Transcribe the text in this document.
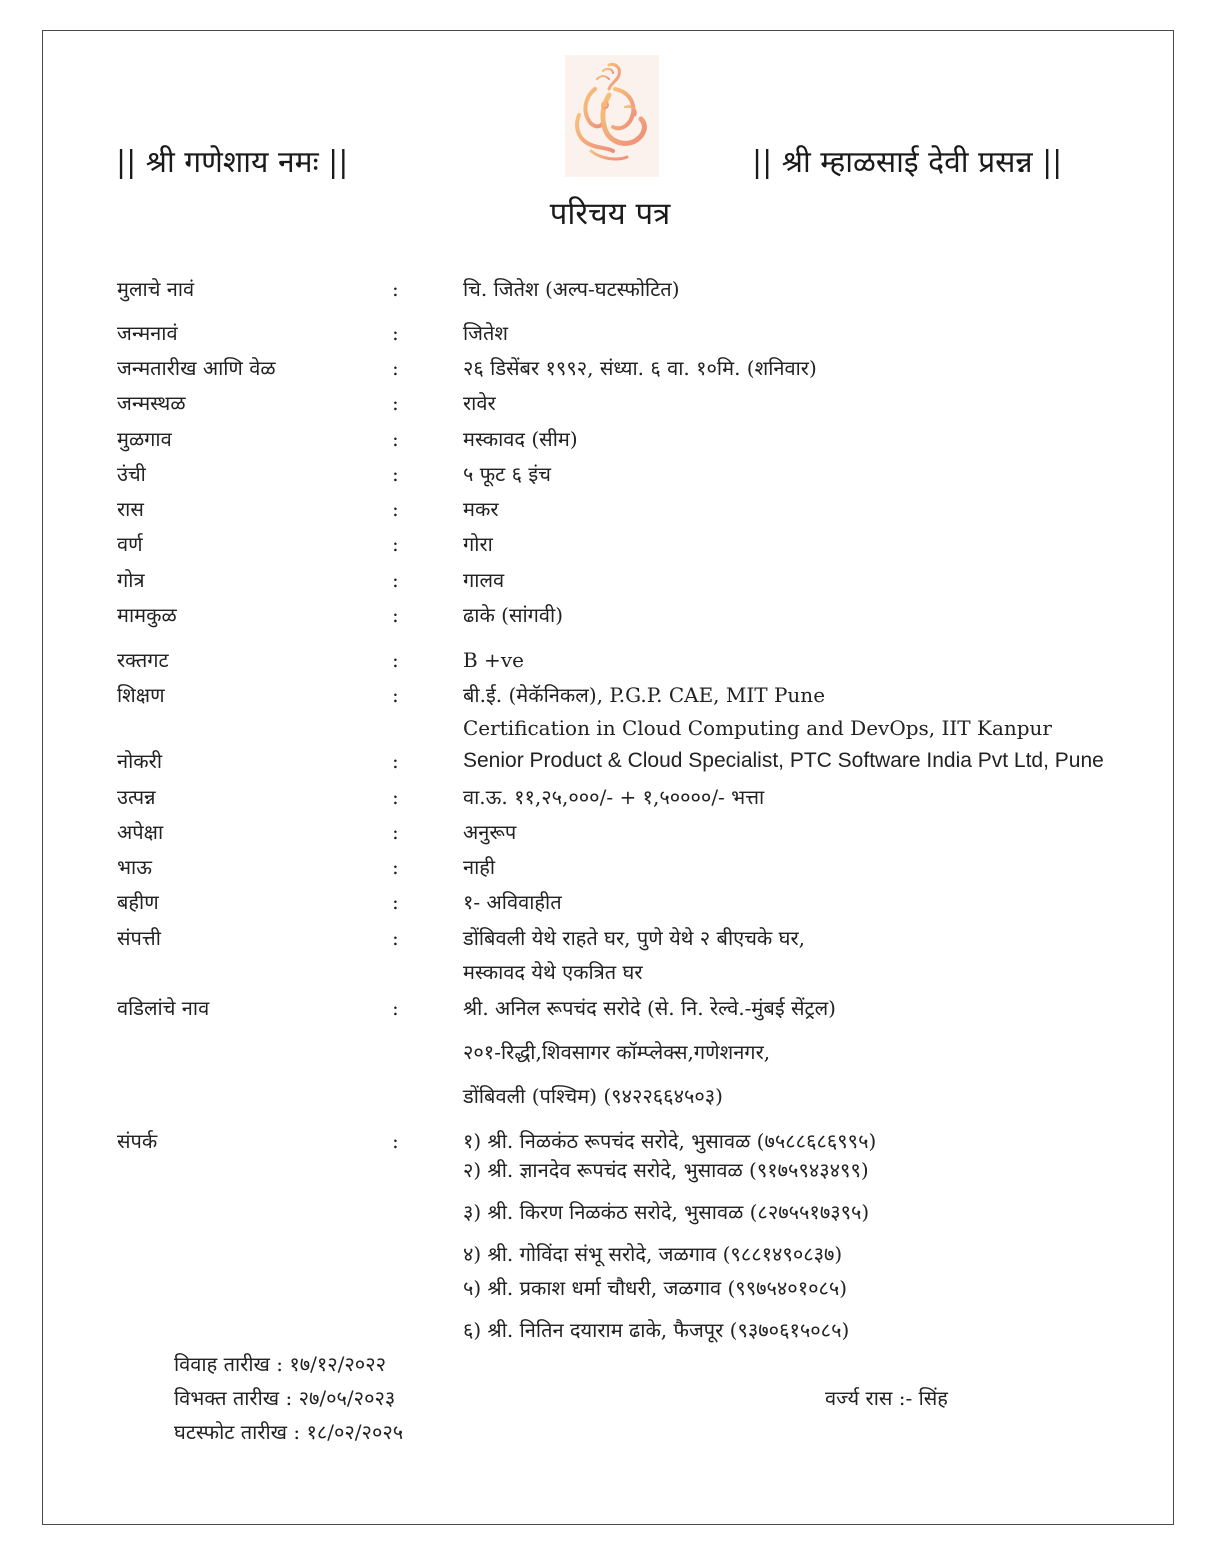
|| श्री गणेशाय नमः ||	|| श्री म्हाळसाई देवी प्रसन्न ||
परिचय पत्र
मुलाचे नावं	:	चि. जितेश (अल्प-घटस्फोटित)
जन्मनावं	:	जितेश
जन्मतारीख आणि वेळ	:	२६ डिसेंबर १९९२, संध्या. ६ वा. १०मि. (शनिवार)
जन्मस्थळ	:	रावेर
मुळगाव	:	मस्कावद (सीम)
उंची	:	५ फूट ६ इंच
रास	:	मकर
वर्ण	:	गोरा
गोत्र	:	गालव
मामकुळ	:	ढाके (सांगवी)
रक्तगट	:	B +ve
शिक्षण	:	बी.ई. (मेकॅनिकल), P.G.P. CAE, MIT Pune
Certification in Cloud Computing and DevOps, IIT Kanpur
नोकरी	:	Senior Product & Cloud Specialist, PTC Software India Pvt Ltd, Pune
उत्पन्न	:	वा.ऊ. ११,२५,०००/- + १,५००००/- भत्ता
अपेक्षा	:	अनुरूप
भाऊ	:	नाही
बहीण	:	१- अविवाहीत
संपत्ती	:	डोंबिवली येथे राहते घर, पुणे येथे २ बीएचके घर,
मस्कावद येथे एकत्रित घर
वडिलांचे नाव	:	श्री. अनिल रूपचंद सरोदे (से. नि. रेल्वे.-मुंबई सेंट्रल)
२०१-रिद्धी,शिवसागर कॉम्प्लेक्स,गणेशनगर,
डोंबिवली (पश्चिम) (९४२२६६४५०३)
संपर्क	:	१) श्री. निळकंठ रूपचंद सरोदे, भुसावळ (७५८८६८६९९५)
२) श्री. ज्ञानदेव रूपचंद सरोदे, भुसावळ (९१७५९४३४९९)
३) श्री. किरण निळकंठ सरोदे, भुसावळ (८२७५५१७३९५)
४) श्री. गोविंदा संभू सरोदे, जळगाव (९८८१४९०८३७)
५) श्री. प्रकाश धर्मा चौधरी, जळगाव (९९७५४०१०८५)
६) श्री. नितिन दयाराम ढाके, फैजपूर (९३७०६१५०८५)
विवाह तारीख : १७/१२/२०२२
विभक्त तारीख : २७/०५/२०२३
घटस्फोट तारीख : १८/०२/२०२५
वर्ज्य रास :- सिंह
